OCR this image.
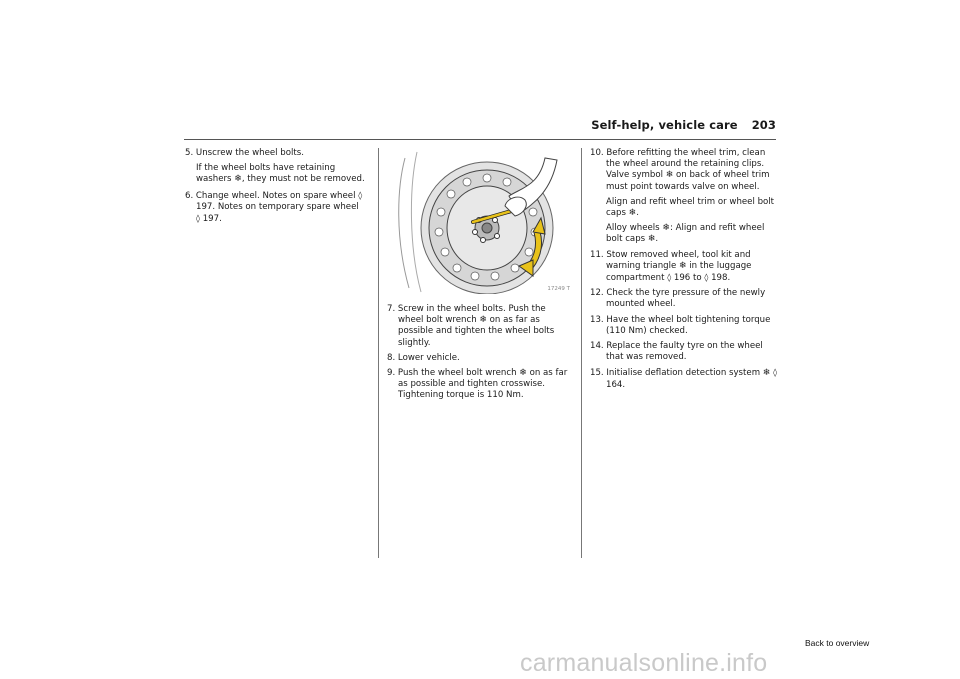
Self-help, vehicle care 203
5. Unscrew the wheel bolts.
If the wheel bolts have retaining washers ❄, they must not be removed.
6. Change wheel. Notes on spare wheel ◊ 197. Notes on temporary spare wheel ◊ 197.
17249 T
7. Screw in the wheel bolts. Push the wheel bolt wrench ❄ on as far as possible and tighten the wheel bolts slightly.
8. Lower vehicle.
9. Push the wheel bolt wrench ❄ on as far as possible and tighten crosswise. Tightening torque is 110 Nm.
10. Before refitting the wheel trim, clean the wheel around the retaining clips. Valve symbol ❄ on back of wheel trim must point towards valve on wheel.
Align and refit wheel trim or wheel bolt caps ❄.
Alloy wheels ❄: Align and refit wheel bolt caps ❄.
11. Stow removed wheel, tool kit and warning triangle ❄ in the luggage compartment ◊ 196 to ◊ 198.
12. Check the tyre pressure of the newly mounted wheel.
13. Have the wheel bolt tightening torque (110 Nm) checked.
14. Replace the faulty tyre on the wheel that was removed.
15. Initialise deflation detection system ❄ ◊ 164.
Back to overview
carmanualsonline.info
